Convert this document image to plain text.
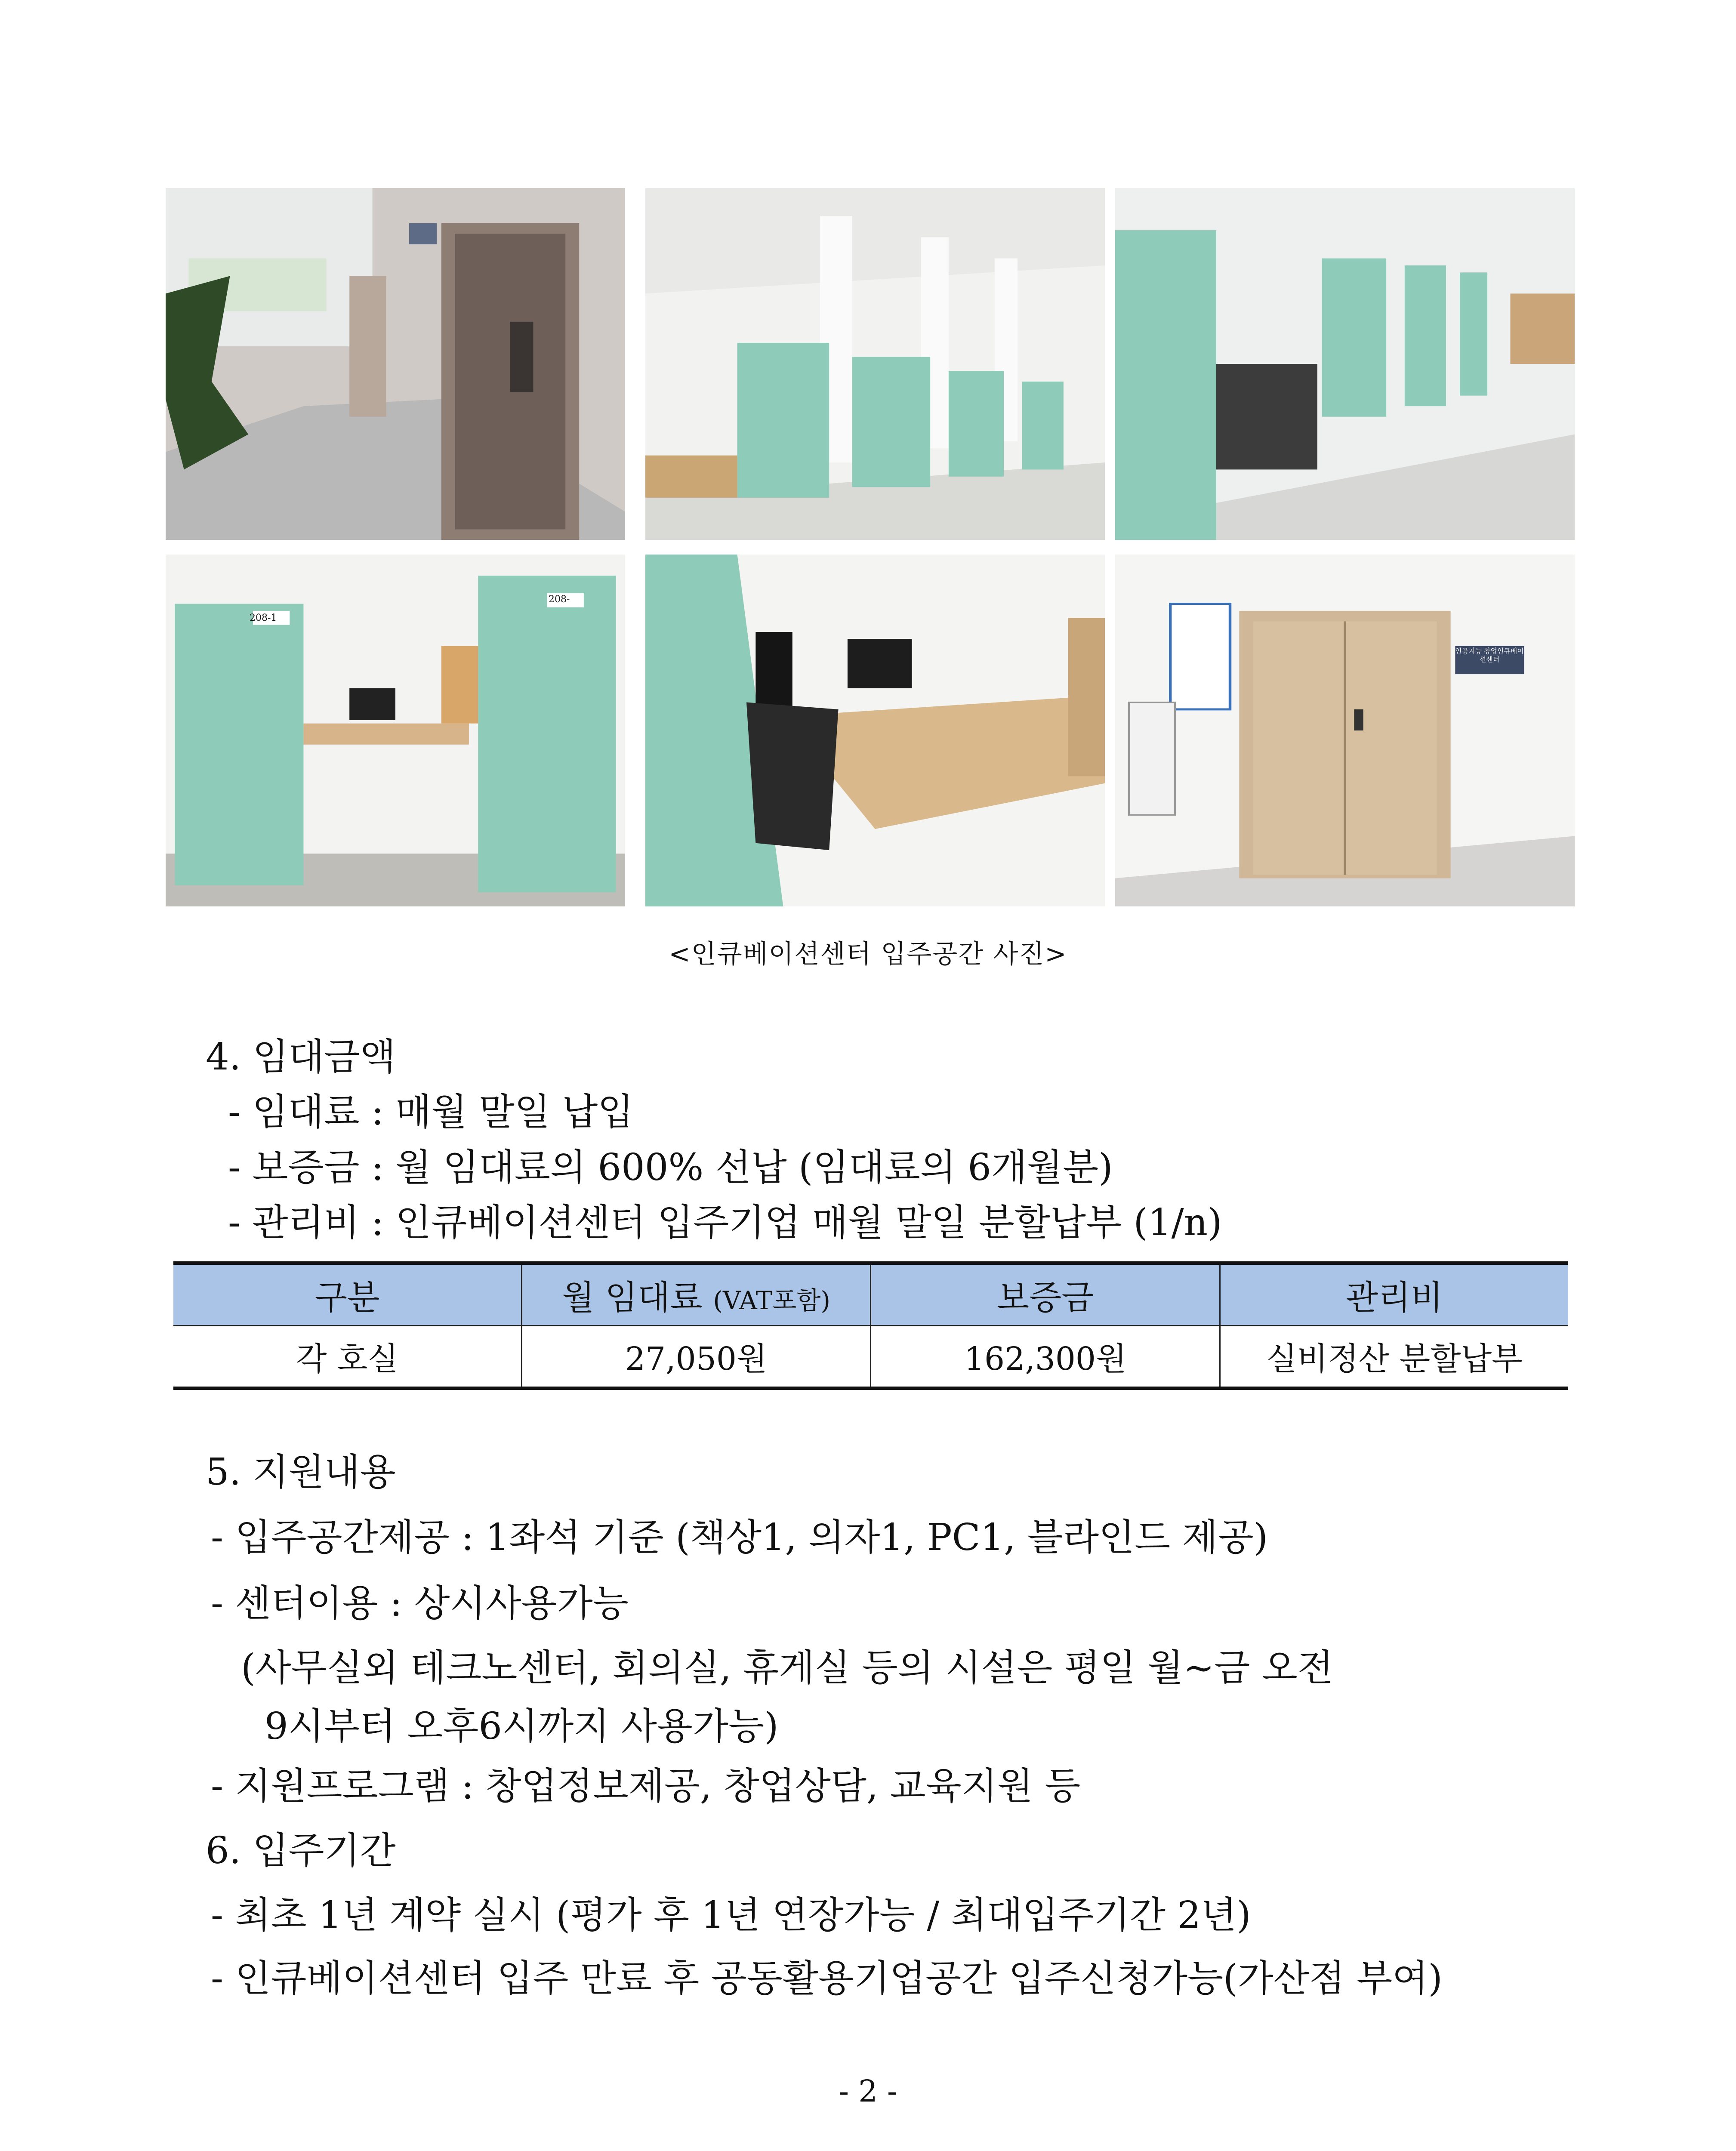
208-1
208-
인공지능 창업인큐베이션센터
<인큐베이션센터 입주공간 사진>
4. 임대금액
- 임대료 : 매월 말일 납입
- 보증금 : 월 임대료의 600% 선납 (임대료의 6개월분)
- 관리비 : 인큐베이션센터 입주기업 매월 말일 분할납부 (1/n)
구분	월 임대료 (VAT포함)	보증금	관리비
각 호실	27,050원	162,300원	실비정산 분할납부
5. 지원내용
- 입주공간제공 : 1좌석 기준 (책상1, 의자1, PC1, 블라인드 제공)
- 센터이용 : 상시사용가능
(사무실외 테크노센터, 회의실, 휴게실 등의 시설은 평일 월~금 오전
9시부터 오후6시까지 사용가능)
- 지원프로그램 : 창업정보제공, 창업상담, 교육지원 등
6. 입주기간
- 최초 1년 계약 실시 (평가 후 1년 연장가능 / 최대입주기간 2년)
- 인큐베이션센터 입주 만료 후 공동활용기업공간 입주신청가능(가산점 부여)
- 2 -
